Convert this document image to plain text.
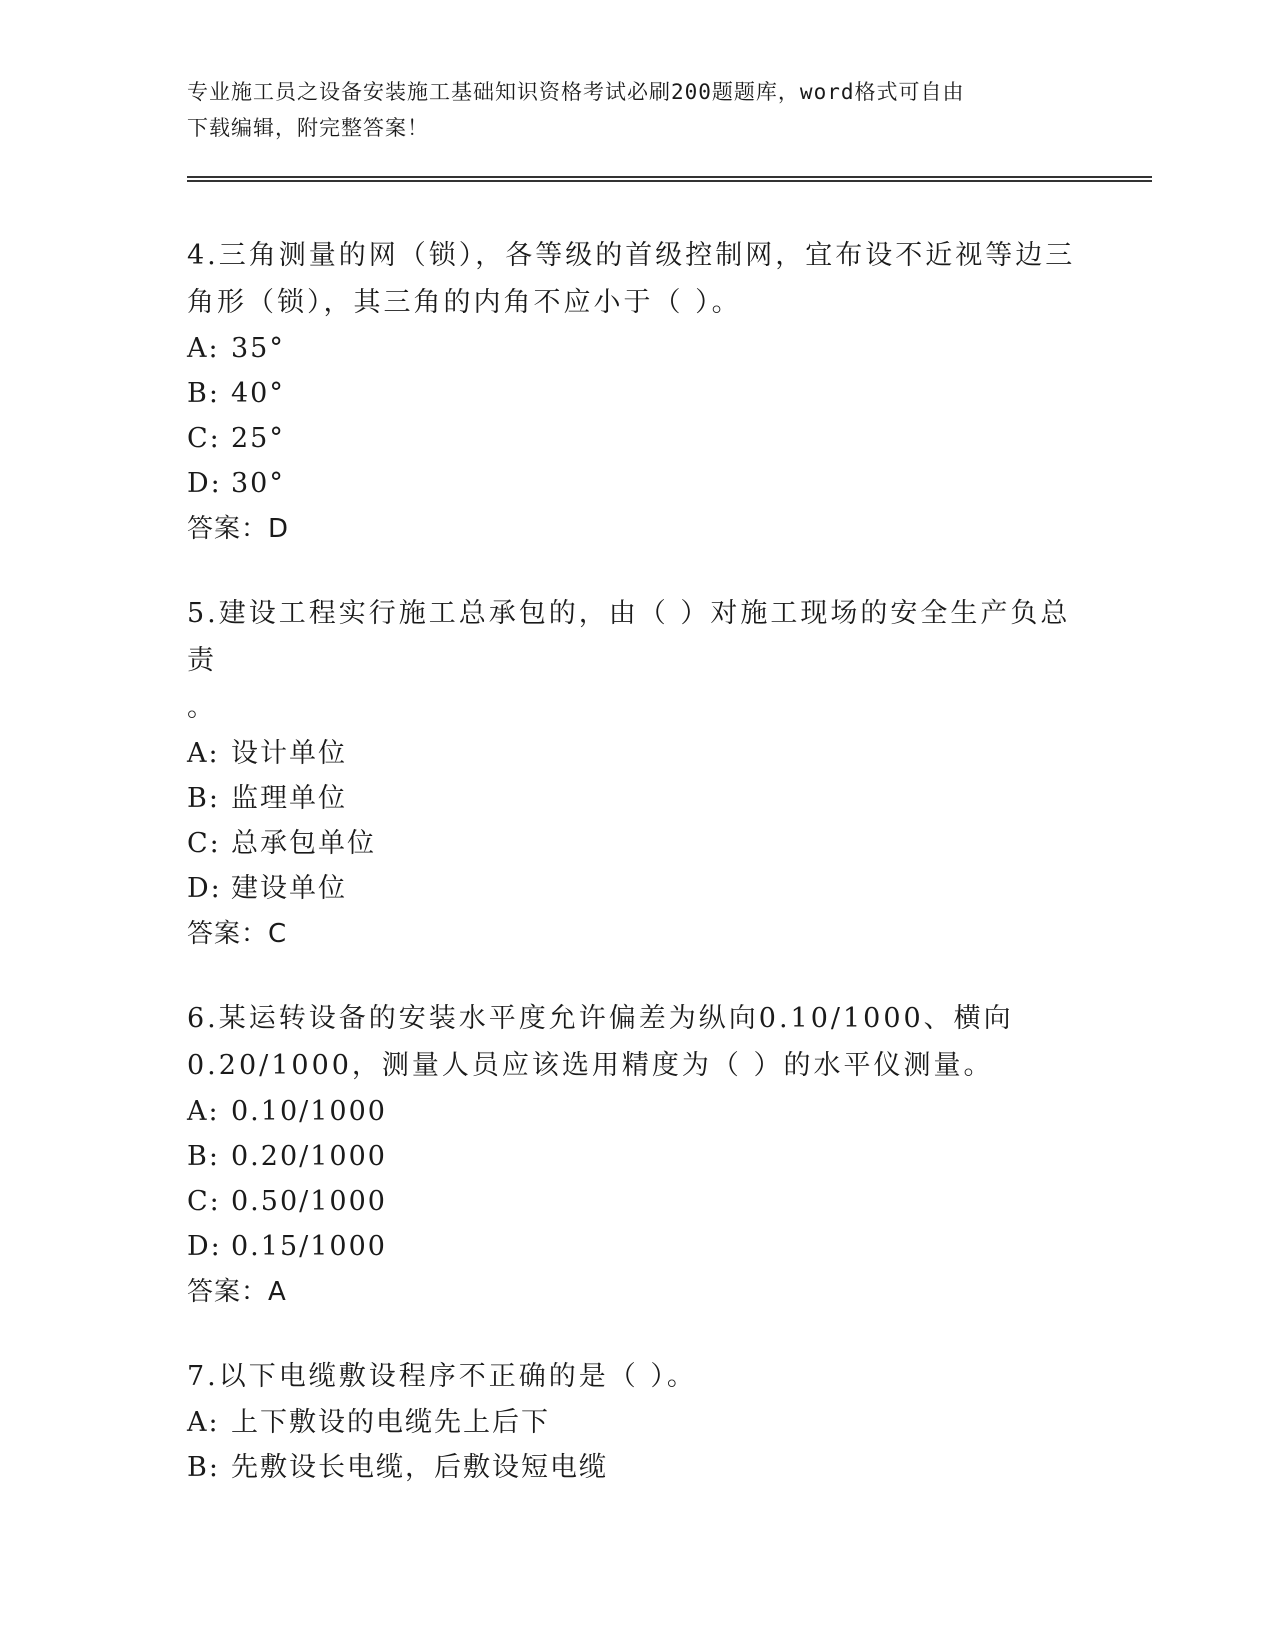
专业施工员之设备安装施工基础知识资格考试必刷200题题库，word格式可自由
下载编辑，附完整答案！

4.三角测量的网（锁），各等级的首级控制网，宜布设不近视等边三
角形（锁），其三角的内角不应小于（ ）。

A: 35°

B: 40°

C: 25°

D: 30°

答案：D

5.建设工程实行施工总承包的，由（ ）对施工现场的安全生产负总责
。

A: 设计单位

B: 监理单位

C: 总承包单位

D: 建设单位

答案：C

6.某运转设备的安装水平度允许偏差为纵向0.10/1000、横向
0.20/1000，测量人员应该选用精度为（ ）的水平仪测量。

A: 0.10/1000

B: 0.20/1000

C: 0.50/1000

D: 0.15/1000

答案：A

7.以下电缆敷设程序不正确的是（ ）。

A: 上下敷设的电缆先上后下

B: 先敷设长电缆，后敷设短电缆
